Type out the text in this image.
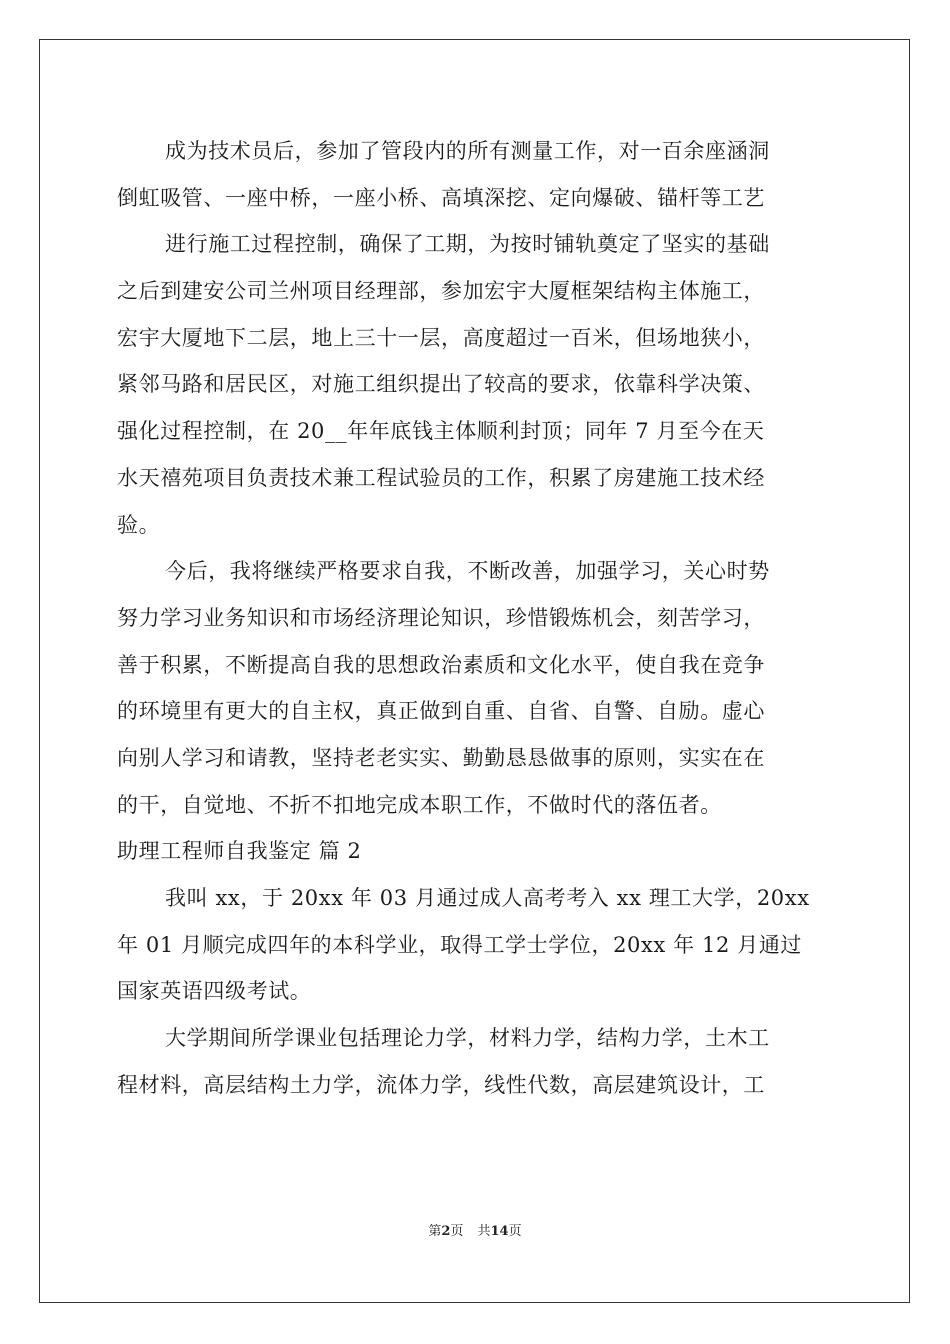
成为技术员后，参加了管段内的所有测量工作，对一百余座涵洞
倒虹吸管、一座中桥，一座小桥、高填深挖、定向爆破、锚杆等工艺
进行施工过程控制，确保了工期，为按时铺轨奠定了坚实的基础
之后到建安公司兰州项目经理部，参加宏宇大厦框架结构主体施工，
宏宇大厦地下二层，地上三十一层，高度超过一百米，但场地狭小，
紧邻马路和居民区，对施工组织提出了较高的要求，依靠科学决策、
强化过程控制，在 20__年年底钱主体顺利封顶；同年 7 月至今在天
水天禧苑项目负责技术兼工程试验员的工作，积累了房建施工技术经
验。
今后，我将继续严格要求自我，不断改善，加强学习，关心时势
努力学习业务知识和市场经济理论知识，珍惜锻炼机会，刻苦学习，
善于积累，不断提高自我的思想政治素质和文化水平，使自我在竞争
的环境里有更大的自主权，真正做到自重、自省、自警、自励。虚心
向别人学习和请教，坚持老老实实、勤勤恳恳做事的原则，实实在在
的干，自觉地、不折不扣地完成本职工作，不做时代的落伍者。
助理工程师自我鉴定 篇 2
我叫 xx，于 20xx 年 03 月通过成人高考考入 xx 理工大学，20xx
年 01 月顺完成四年的本科学业，取得工学士学位，20xx 年 12 月通过
国家英语四级考试。
大学期间所学课业包括理论力学，材料力学，结构力学，土木工
程材料，高层结构土力学，流体力学，线性代数，高层建筑设计，工
第2页 共14页
